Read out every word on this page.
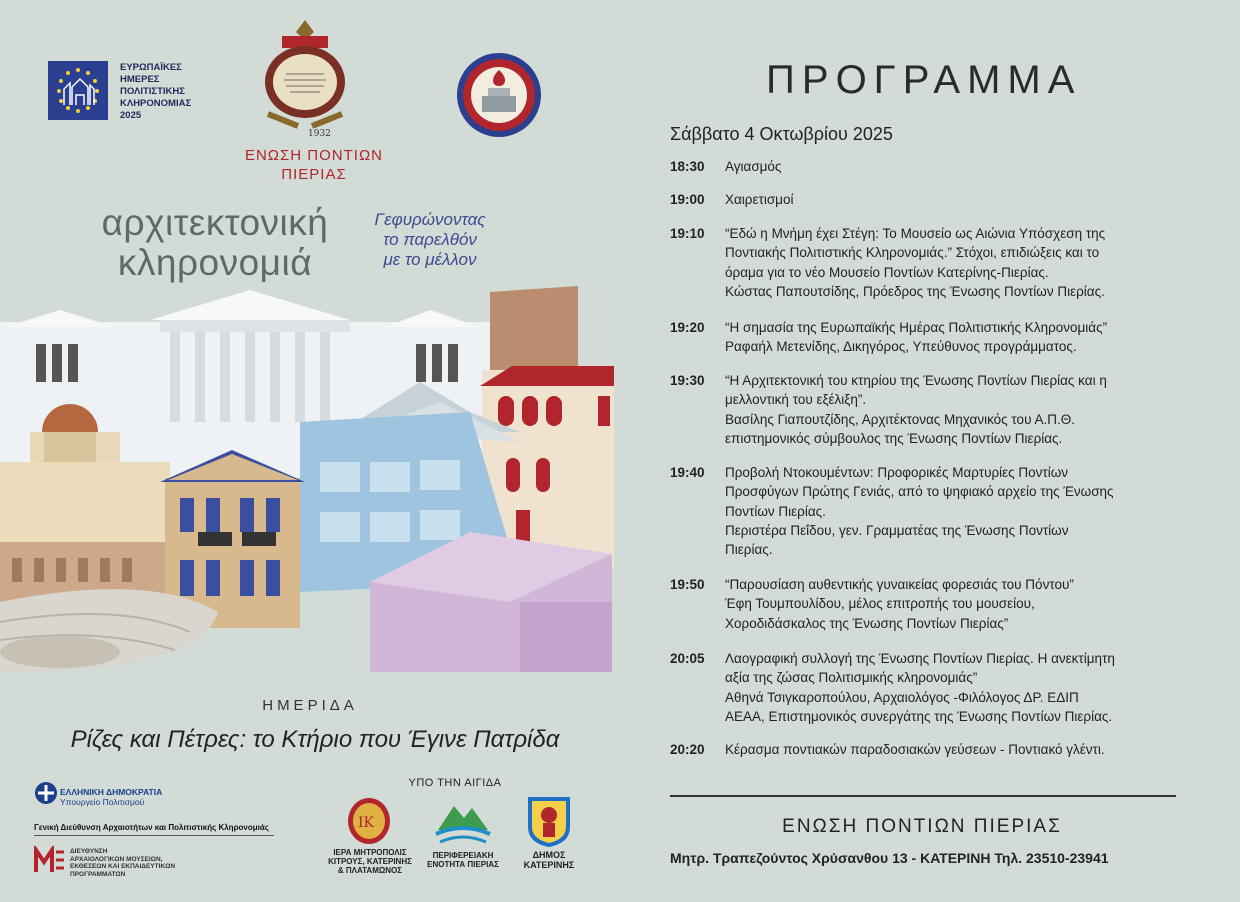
ΕΥΡΩΠΑΪΚΕΣ
ΗΜΕΡΕΣ
ΠΟΛΙΤΙΣΤΙΚΗΣ
ΚΛΗΡΟΝΟΜΙΑΣ
2025
1932
ΕΝΩΣΗ ΠΟΝΤΙΩΝ
ΠΙΕΡΙΑΣ
αρχιτεκτονική
κληρονομιά
Γεφυρώνοντας
το παρελθόν
με το μέλλον
ΗΜΕΡΙΔΑ
Ρίζες και Πέτρες: το Κτήριο που Έγινε Πατρίδα
ΕΛΛΗΝΙΚΗ ΔΗΜΟΚΡΑΤΙΑ
Υπουργείο Πολιτισμού
Γενική Διεύθυνση Αρχαιοτήτων και Πολιτιστικής Κληρονομιάς
ΔΙΕΥΘΥΝΣΗ
ΑΡΧΑΙΟΛΟΓΙΚΩΝ ΜΟΥΣΕΙΩΝ,
ΕΚΘΕΣΕΩΝ ΚΑΙ ΕΚΠΑΙΔΕΥΤΙΚΩΝ
ΠΡΟΓΡΑΜΜΑΤΩΝ
ΥΠΟ ΤΗΝ ΑΙΓΙΔΑ
ΙΚ
ΙΕΡΑ ΜΗΤΡΟΠΟΛΙΣ
ΚΙΤΡΟΥΣ, ΚΑΤΕΡΙΝΗΣ
& ΠΛΑΤΑΜΩΝΟΣ
ΠΕΡΙΦΕΡΕΙΑΚΗ
ΕΝΟΤΗΤΑ ΠΙΕΡΙΑΣ
ΔΗΜΟΣ
ΚΑΤΕΡΙΝΗΣ
ΠΡΟΓΡΑΜΜΑ
Σάββατο 4 Οκτωβρίου 2025
18:30	Αγιασμός
19:00	Χαιρετισμοί
19:10	“Εδώ η Μνήμη έχει Στέγη: Το Μουσείο ως Αιώνια Υπόσχεση της
Ποντιακής Πολιτιστικής Κληρονομιάς.” Στόχοι, επιδιώξεις και το
όραμα για το νέο Μουσείο Ποντίων Κατερίνης-Πιερίας.
Κώστας Παπουτσίδης, Πρόεδρος της Ένωσης Ποντίων Πιερίας.
19:20	“Η σημασία της Ευρωπαϊκής Ημέρας Πολιτιστικής Κληρονομιάς”
Ραφαήλ Μετενίδης, Δικηγόρος, Υπεύθυνος προγράμματος.
19:30	“Η Αρχιτεκτονική του κτηρίου της Ένωσης Ποντίων Πιερίας και η
μελλοντική του εξέλιξη”.
Βασίλης Γιαπουτζίδης, Αρχιτέκτονας Μηχανικός του Α.Π.Θ.
επιστημονικός σύμβουλος της Ένωσης Ποντίων Πιερίας.
19:40	Προβολή Ντοκουμέντων: Προφορικές Μαρτυρίες Ποντίων
Προσφύγων Πρώτης Γενιάς, από το ψηφιακό αρχείο της Ένωσης
Ποντίων Πιερίας.
Περιστέρα Πεΐδου, γεν. Γραμματέας της Ένωσης Ποντίων
Πιερίας.
19:50	“Παρουσίαση αυθεντικής γυναικείας φορεσιάς του Πόντου”
Έφη Τουμπουλίδου, μέλος επιτροπής του μουσείου,
Χοροδιδάσκαλος της Ένωσης Ποντίων Πιερίας”
20:05	Λαογραφική συλλογή της Ένωσης Ποντίων Πιερίας. Η ανεκτίμητη
αξία της ζώσας Πολιτισμικής κληρονομιάς”
Αθηνά Τσιγκαροπούλου, Αρχαιολόγος -Φιλόλογος ΔΡ. ΕΔΙΠ
ΑΕΑΑ, Επιστημονικός συνεργάτης της Ένωσης Ποντίων Πιερίας.
20:20	Κέρασμα ποντιακών παραδοσιακών γεύσεων - Ποντιακό γλέντι.
ΕΝΩΣΗ ΠΟΝΤΙΩΝ ΠΙΕΡΙΑΣ
Μητρ. Τραπεζούντος Χρύσανθου 13 - ΚΑΤΕΡΙΝΗ Τηλ. 23510-23941
